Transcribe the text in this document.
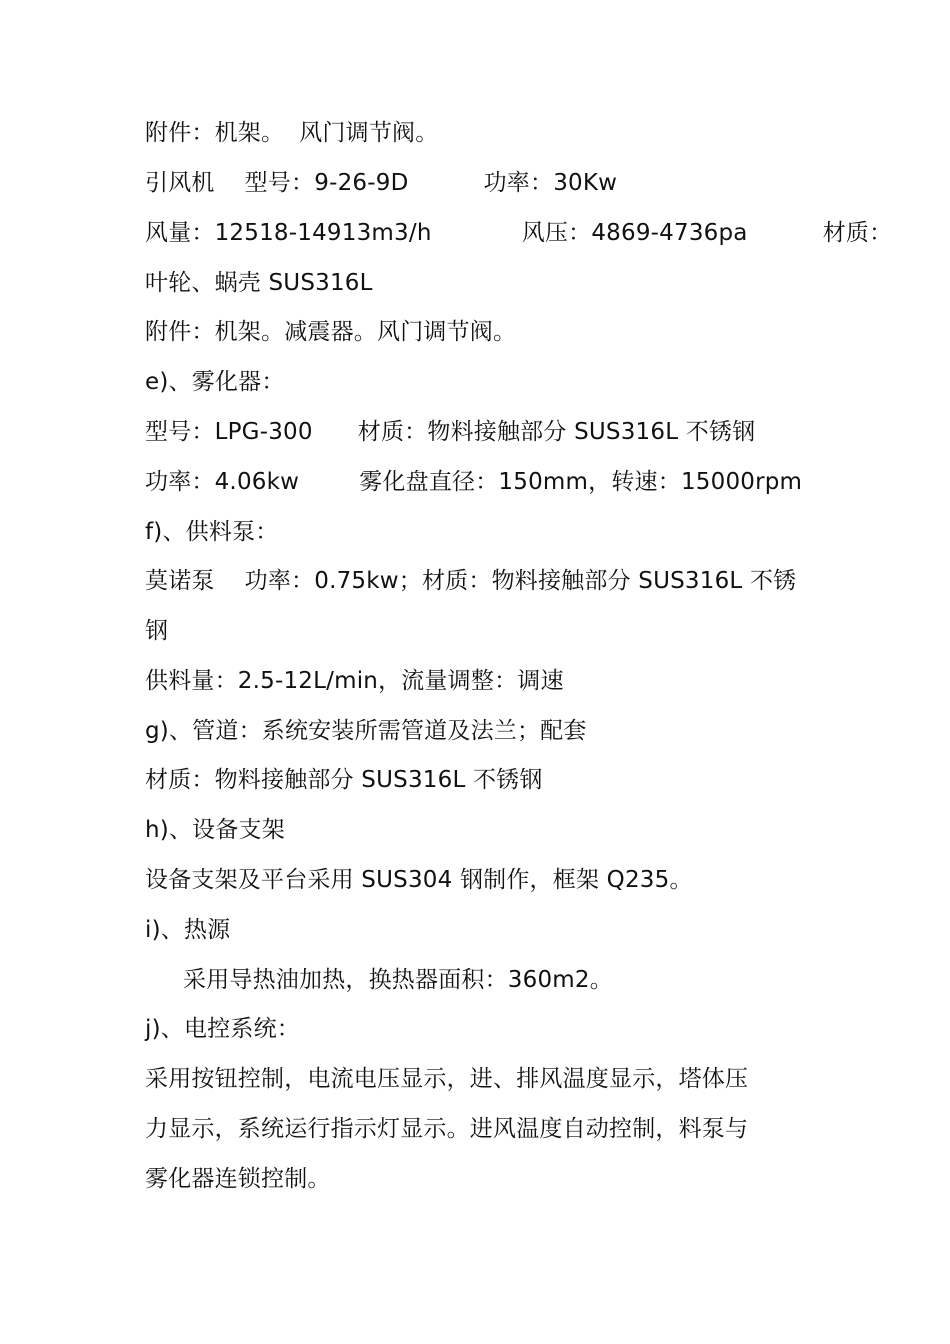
附件：机架。  风门调节阀。
引风机    型号：9-26-9D          功率：30Kw
风量：12518-14913m3/h            风压：4869-4736pa          材质：
叶轮、蜗壳 SUS316L
附件：机架。减震器。风门调节阀。
e)、雾化器：
型号：LPG-300      材质：物料接触部分 SUS316L 不锈钢
功率：4.06kw        雾化盘直径：150mm，转速：15000rpm
f)、供料泵：
莫诺泵    功率：0.75kw；材质：物料接触部分 SUS316L 不锈
钢
供料量：2.5-12L/min，流量调整：调速
g)、管道：系统安装所需管道及法兰；配套
材质：物料接触部分 SUS316L 不锈钢
h)、设备支架
设备支架及平台采用 SUS304 钢制作，框架 Q235。
i)、热源
采用导热油加热，换热器面积：360m2。
j)、电控系统：
采用按钮控制，电流电压显示，进、排风温度显示，塔体压
力显示，系统运行指示灯显示。进风温度自动控制，料泵与
雾化器连锁控制。
